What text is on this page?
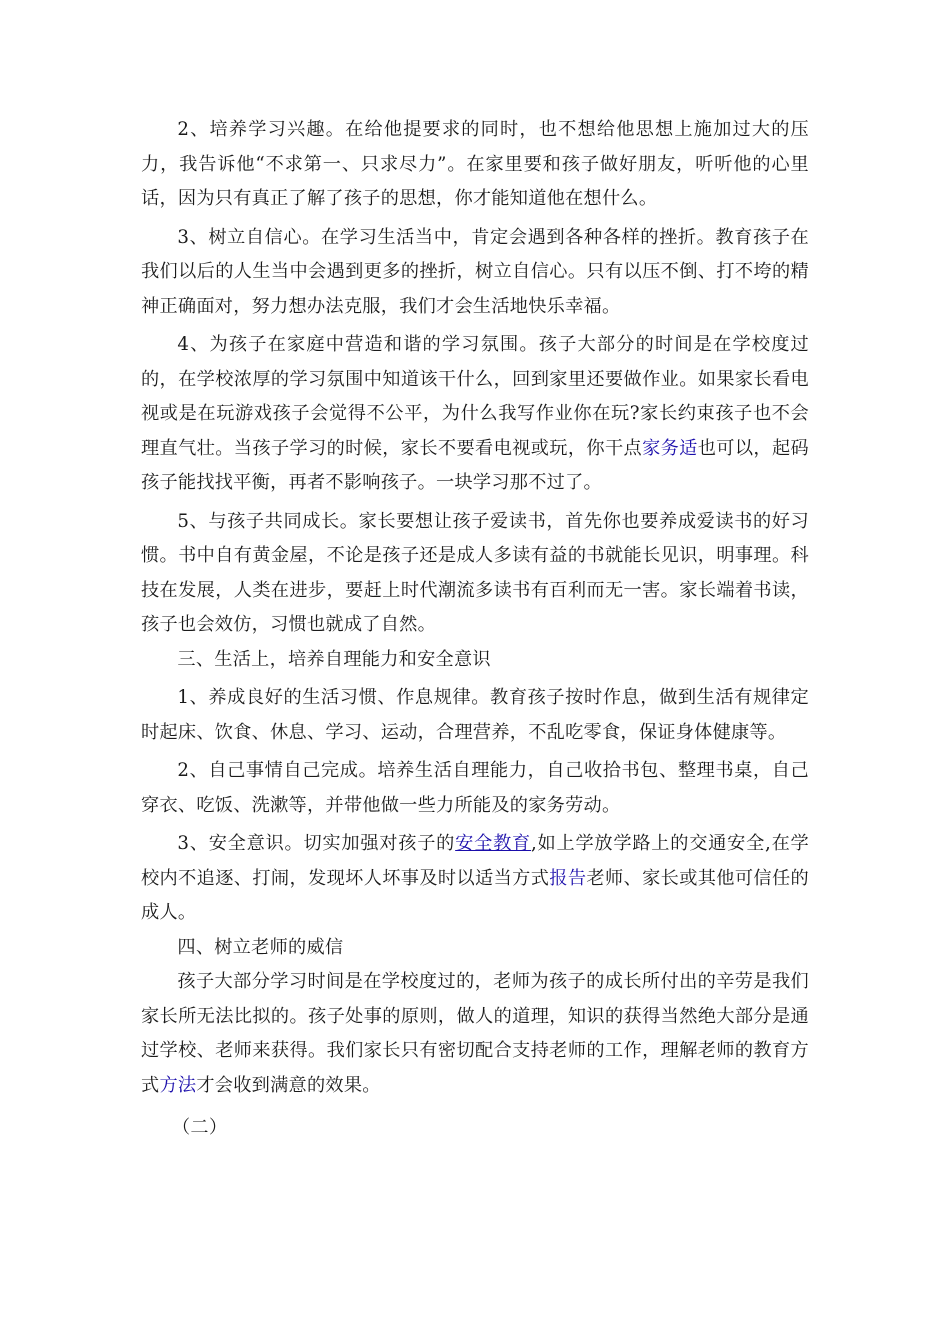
2、培养学习兴趣。在给他提要求的同时，也不想给他思想上施加过大的压力，我告诉他“不求第一、只求尽力”。在家里要和孩子做好朋友，听听他的心里话，因为只有真正了解了孩子的思想，你才能知道他在想什么。

3、树立自信心。在学习生活当中，肯定会遇到各种各样的挫折。教育孩子在我们以后的人生当中会遇到更多的挫折，树立自信心。只有以压不倒、打不垮的精神正确面对，努力想办法克服，我们才会生活地快乐幸福。

4、为孩子在家庭中营造和谐的学习氛围。孩子大部分的时间是在学校度过的，在学校浓厚的学习氛围中知道该干什么，回到家里还要做作业。如果家长看电视或是在玩游戏孩子会觉得不公平，为什么我写作业你在玩?家长约束孩子也不会理直气壮。当孩子学习的时候，家长不要看电视或玩，你干点家务适也可以，起码孩子能找找平衡，再者不影响孩子。一块学习那不过了。

5、与孩子共同成长。家长要想让孩子爱读书，首先你也要养成爱读书的好习惯。书中自有黄金屋，不论是孩子还是成人多读有益的书就能长见识，明事理。科技在发展，人类在进步，要赶上时代潮流多读书有百利而无一害。家长端着书读，孩子也会效仿，习惯也就成了自然。

三、生活上，培养自理能力和安全意识

1、养成良好的生活习惯、作息规律。教育孩子按时作息，做到生活有规律定时起床、饮食、休息、学习、运动，合理营养，不乱吃零食，保证身体健康等。

2、自己事情自己完成。培养生活自理能力，自己收拾书包、整理书桌，自己穿衣、吃饭、洗漱等，并带他做一些力所能及的家务劳动。

3、安全意识。切实加强对孩子的安全教育,如上学放学路上的交通安全,在学校内不追逐、打闹，发现坏人坏事及时以适当方式报告老师、家长或其他可信任的成人。

四、树立老师的威信

孩子大部分学习时间是在学校度过的，老师为孩子的成长所付出的辛劳是我们家长所无法比拟的。孩子处事的原则，做人的道理，知识的获得当然绝大部分是通过学校、老师来获得。我们家长只有密切配合支持老师的工作，理解老师的教育方式方法才会收到满意的效果。

（二）
